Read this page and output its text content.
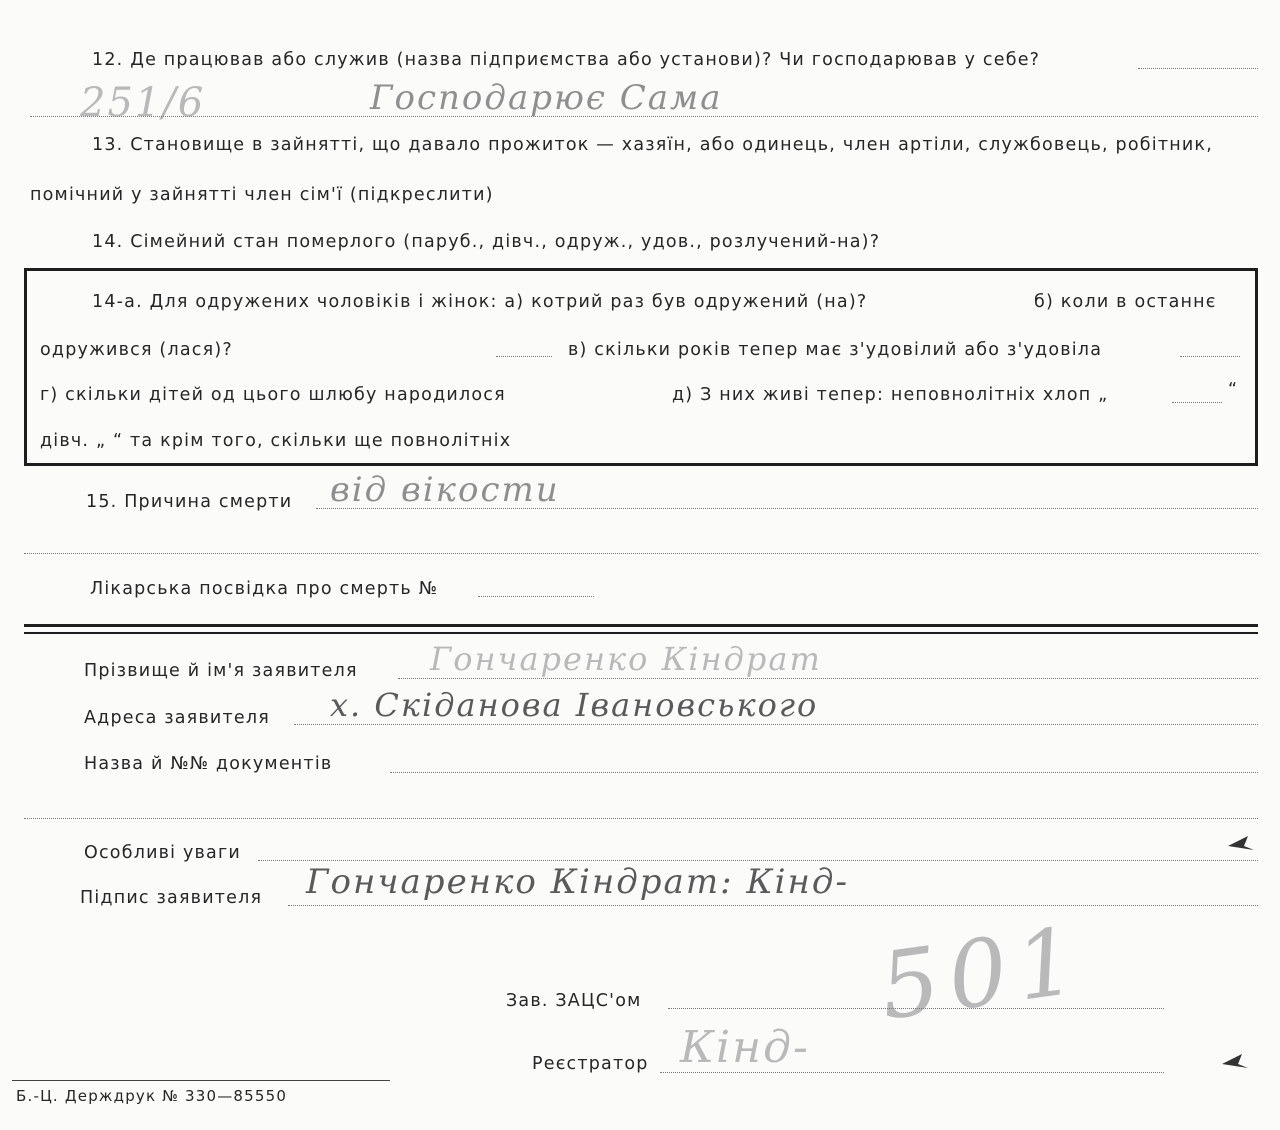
12. Де працював або служив (назва підприємства або установи)? Чи господарював у себе?
251/6	Господарює Сама
13. Становище в зайнятті, що давало прожиток — хазяїн, або одинець, член артіли, службовець, робітник,
помічний у зайнятті член сім'ї (підкреслити)
14. Сімейний стан померлого (паруб., дівч., одруж., удов., розлучений-на)?
14-а. Для одружених чоловіків і жінок: а) котрий раз був одружений (на)?	б) коли в останнє
одружився (лася)?	в) скільки років тепер має з'удовілий або з'удовіла
г) скільки дітей од цього шлюбу народилося	д) З них живі тепер: неповнолітніх хлоп „	“
дівч. „ “ та крім того, скільки ще повнолітніх
15. Причина смерти від вікости
Лікарська посвідка про смерть №
Прізвище й ім'я заявителя Гончаренко Кіндрат
Адреса заявителя х. Скіданова Івановського
Назва й №№ документів
Особливі уваги
Підпис заявителя Гончаренко Кіндрат: Кінд-
501
Зав. ЗАЦС'ом
Реєстратор Кінд-
Б.-Ц. Держдрук № 330—85550
